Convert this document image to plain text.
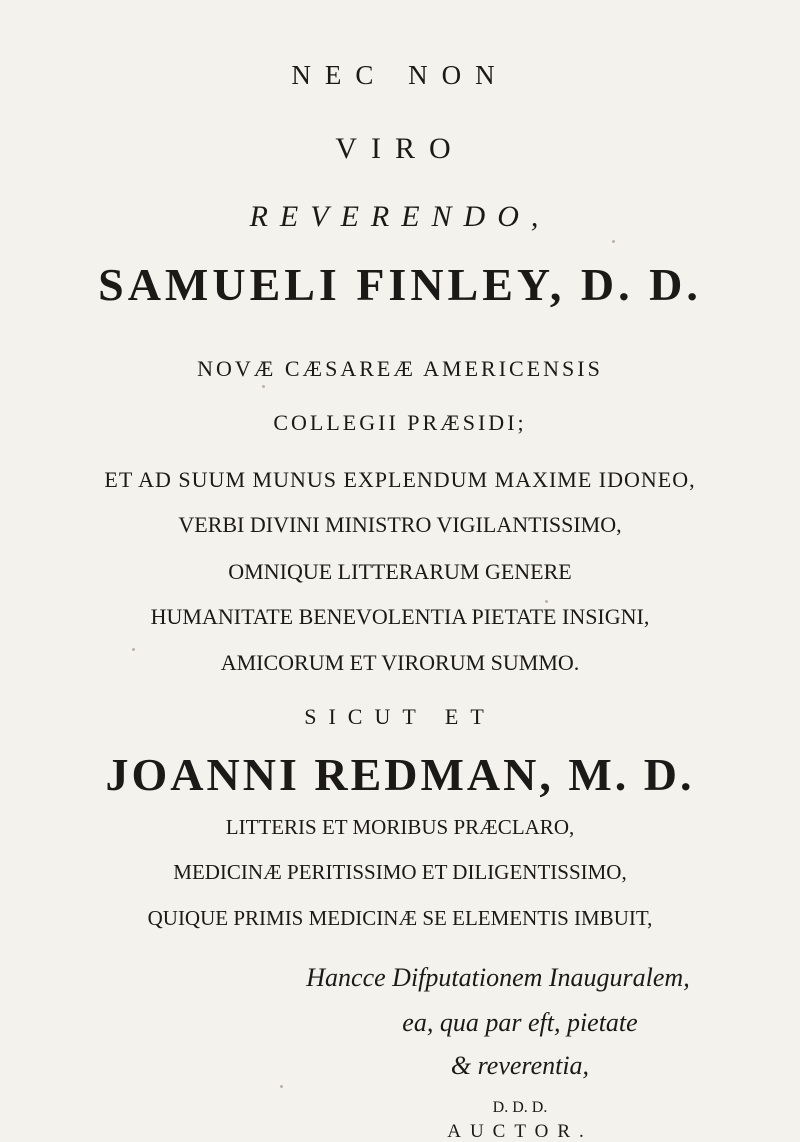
NEC NON
VIRO
REVERENDO,
SAMUELI FINLEY, D. D.
NOVÆ CÆSAREÆ AMERICENSIS
COLLEGII PRÆSIDI;
ET AD SUUM MUNUS EXPLENDUM MAXIME IDONEO,
VERBI DIVINI MINISTRO VIGILANTISSIMO,
OMNIQUE LITTERARUM GENERE
HUMANITATE BENEVOLENTIA PIETATE INSIGNI,
AMICORUM ET VIRORUM SUMMO.
SICUT ET
JOANNI REDMAN, M. D.
LITTERIS ET MORIBUS PRÆCLARO,
MEDICINÆ PERITISSIMO ET DILIGENTISSIMO,
QUIQUE PRIMIS MEDICINÆ SE ELEMENTIS IMBUIT,
Hancce Difputationem Inauguralem,
ea, qua par eft, pietate
& reverentia,
D. D. D.
AUCTOR.
